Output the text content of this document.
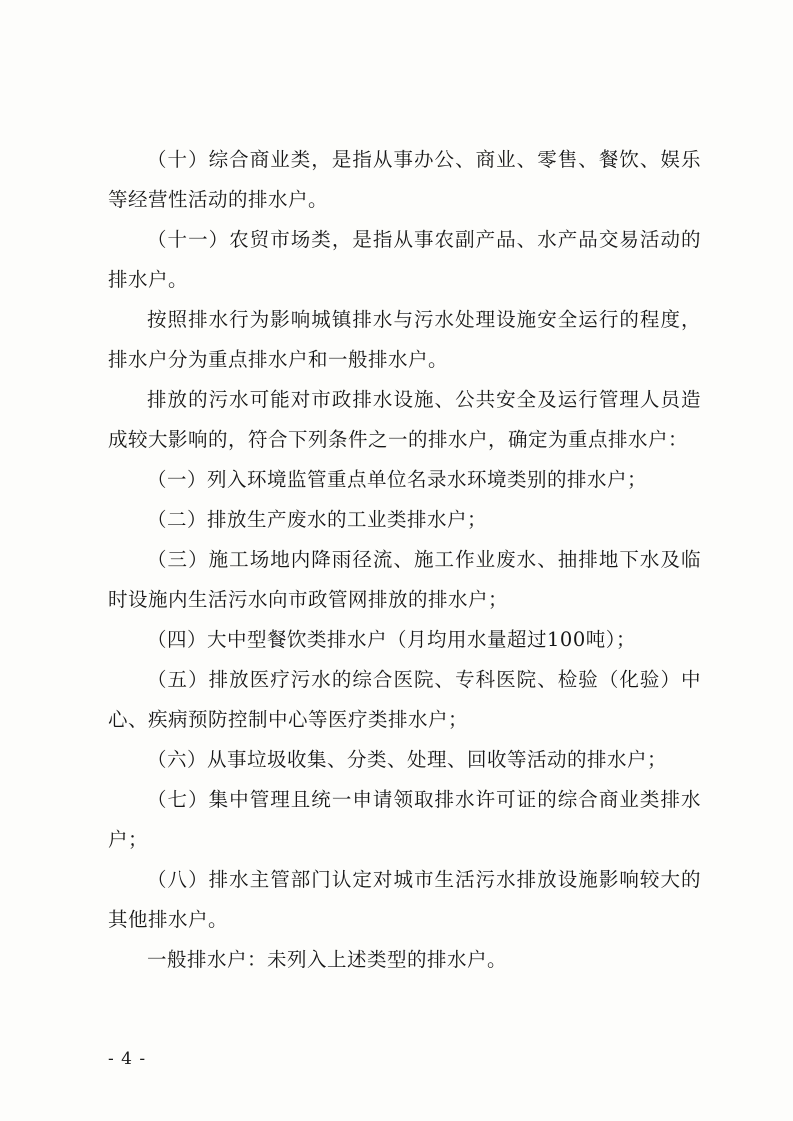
（十）综合商业类，是指从事办公、商业、零售、餐饮、娱乐等经营性活动的排水户。

（十一）农贸市场类，是指从事农副产品、水产品交易活动的排水户。

按照排水行为影响城镇排水与污水处理设施安全运行的程度，排水户分为重点排水户和一般排水户。

排放的污水可能对市政排水设施、公共安全及运行管理人员造成较大影响的，符合下列条件之一的排水户，确定为重点排水户：

（一）列入环境监管重点单位名录水环境类别的排水户；

（二）排放生产废水的工业类排水户；

（三）施工场地内降雨径流、施工作业废水、抽排地下水及临时设施内生活污水向市政管网排放的排水户；

（四）大中型餐饮类排水户（月均用水量超过100吨）；

（五）排放医疗污水的综合医院、专科医院、检验（化验）中心、疾病预防控制中心等医疗类排水户；

（六）从事垃圾收集、分类、处理、回收等活动的排水户；

（七）集中管理且统一申请领取排水许可证的综合商业类排水户；

（八）排水主管部门认定对城市生活污水排放设施影响较大的其他排水户。

一般排水户：未列入上述类型的排水户。

- 4 -
